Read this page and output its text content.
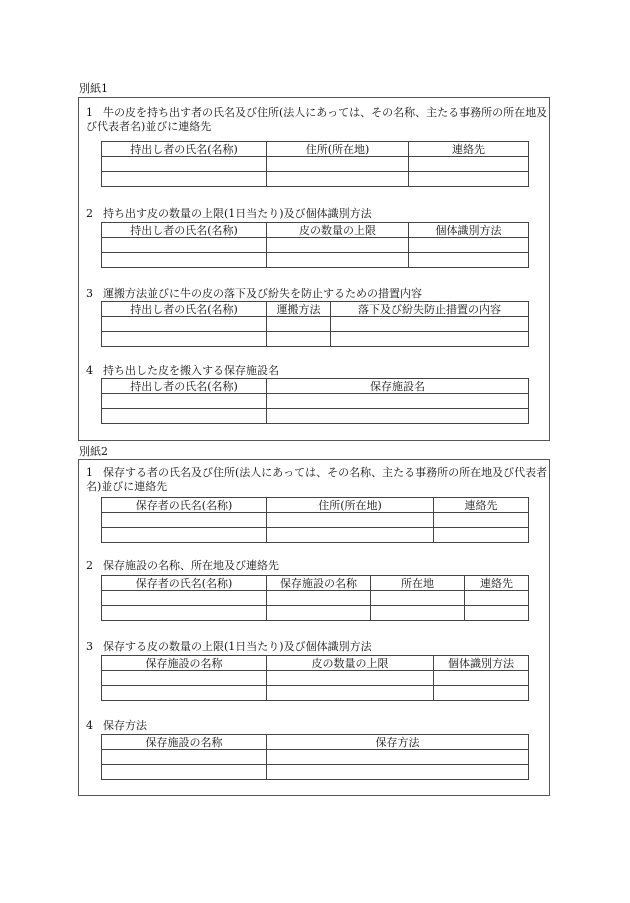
別紙1
1 牛の皮を持ち出す者の氏名及び住所(法人にあっては、その名称、主たる事務所の所在地及び代表者名)並びに連絡先
持出し者の氏名(名称)	住所(所在地)	連絡先

2 持ち出す皮の数量の上限(1日当たり)及び個体識別方法
持出し者の氏名(名称)	皮の数量の上限	個体識別方法

3 運搬方法並びに牛の皮の落下及び紛失を防止するための措置内容
持出し者の氏名(名称)	運搬方法	落下及び紛失防止措置の内容

4 持ち出した皮を搬入する保存施設名
持出し者の氏名(名称)	保存施設名

別紙2
1 保存する者の氏名及び住所(法人にあっては、その名称、主たる事務所の所在地及び代表者名)並びに連絡先
保存者の氏名(名称)	住所(所在地)	連絡先

2 保存施設の名称、所在地及び連絡先
保存者の氏名(名称)	保存施設の名称	所在地	連絡先

3 保存する皮の数量の上限(1日当たり)及び個体識別方法
保存施設の名称	皮の数量の上限	個体識別方法

4 保存方法
保存施設の名称	保存方法
